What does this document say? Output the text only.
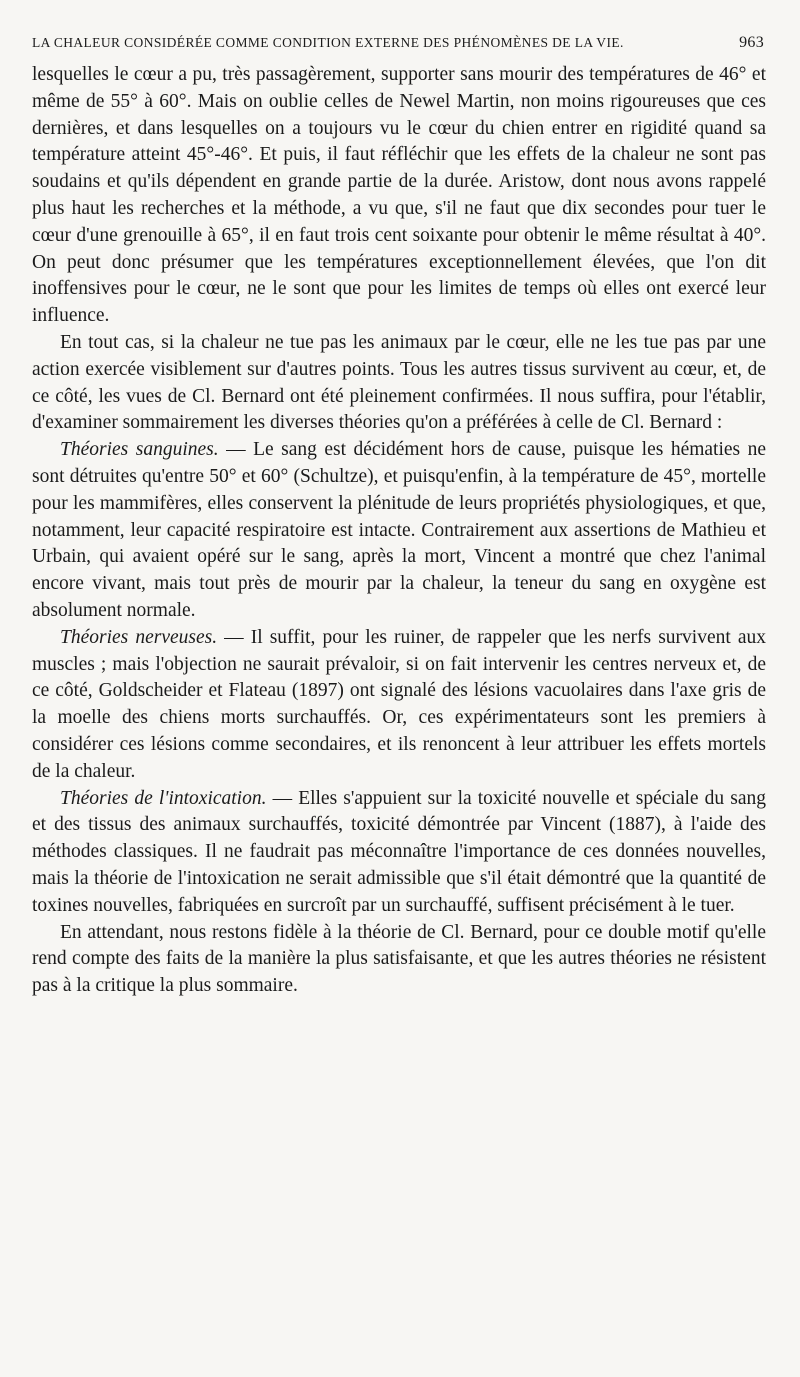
LA CHALEUR CONSIDÉRÉE COMME CONDITION EXTERNE DES PHÉNOMÈNES DE LA VIE.	963

lesquelles le cœur a pu, très passagèrement, supporter sans mourir des températures de 46° et même de 55° à 60°. Mais on oublie celles de Newel Martin, non moins rigoureuses que ces dernières, et dans lesquelles on a toujours vu le cœur du chien entrer en rigidité quand sa température atteint 45°-46°. Et puis, il faut réfléchir que les effets de la chaleur ne sont pas soudains et qu'ils dépendent en grande partie de la durée. Aristow, dont nous avons rappelé plus haut les recherches et la méthode, a vu que, s'il ne faut que dix secondes pour tuer le cœur d'une grenouille à 65°, il en faut trois cent soixante pour obtenir le même résultat à 40°. On peut donc présumer que les températures exceptionnellement élevées, que l'on dit inoffensives pour le cœur, ne le sont que pour les limites de temps où elles ont exercé leur influence.

En tout cas, si la chaleur ne tue pas les animaux par le cœur, elle ne les tue pas par une action exercée visiblement sur d'autres points. Tous les autres tissus survivent au cœur, et, de ce côté, les vues de Cl. Bernard ont été pleinement confirmées. Il nous suffira, pour l'établir, d'examiner sommairement les diverses théories qu'on a préférées à celle de Cl. Bernard :

Théories sanguines. — Le sang est décidément hors de cause, puisque les hématies ne sont détruites qu'entre 50° et 60° (Schultze), et puisqu'enfin, à la température de 45°, mortelle pour les mammifères, elles conservent la plénitude de leurs propriétés physiologiques, et que, notamment, leur capacité respiratoire est intacte. Contrairement aux assertions de Mathieu et Urbain, qui avaient opéré sur le sang, après la mort, Vincent a montré que chez l'animal encore vivant, mais tout près de mourir par la chaleur, la teneur du sang en oxygène est absolument normale.

Théories nerveuses. — Il suffit, pour les ruiner, de rappeler que les nerfs survivent aux muscles ; mais l'objection ne saurait prévaloir, si on fait intervenir les centres nerveux et, de ce côté, Goldscheider et Flateau (1897) ont signalé des lésions vacuolaires dans l'axe gris de la moelle des chiens morts surchauffés. Or, ces expérimentateurs sont les premiers à considérer ces lésions comme secondaires, et ils renoncent à leur attribuer les effets mortels de la chaleur.

Théories de l'intoxication. — Elles s'appuient sur la toxicité nouvelle et spéciale du sang et des tissus des animaux surchauffés, toxicité démontrée par Vincent (1887), à l'aide des méthodes classiques. Il ne faudrait pas méconnaître l'importance de ces données nouvelles, mais la théorie de l'intoxication ne serait admissible que s'il était démontré que la quantité de toxines nouvelles, fabriquées en surcroît par un surchauffé, suffisent précisément à le tuer.

En attendant, nous restons fidèle à la théorie de Cl. Bernard, pour ce double motif qu'elle rend compte des faits de la manière la plus satisfaisante, et que les autres théories ne résistent pas à la critique la plus sommaire.
